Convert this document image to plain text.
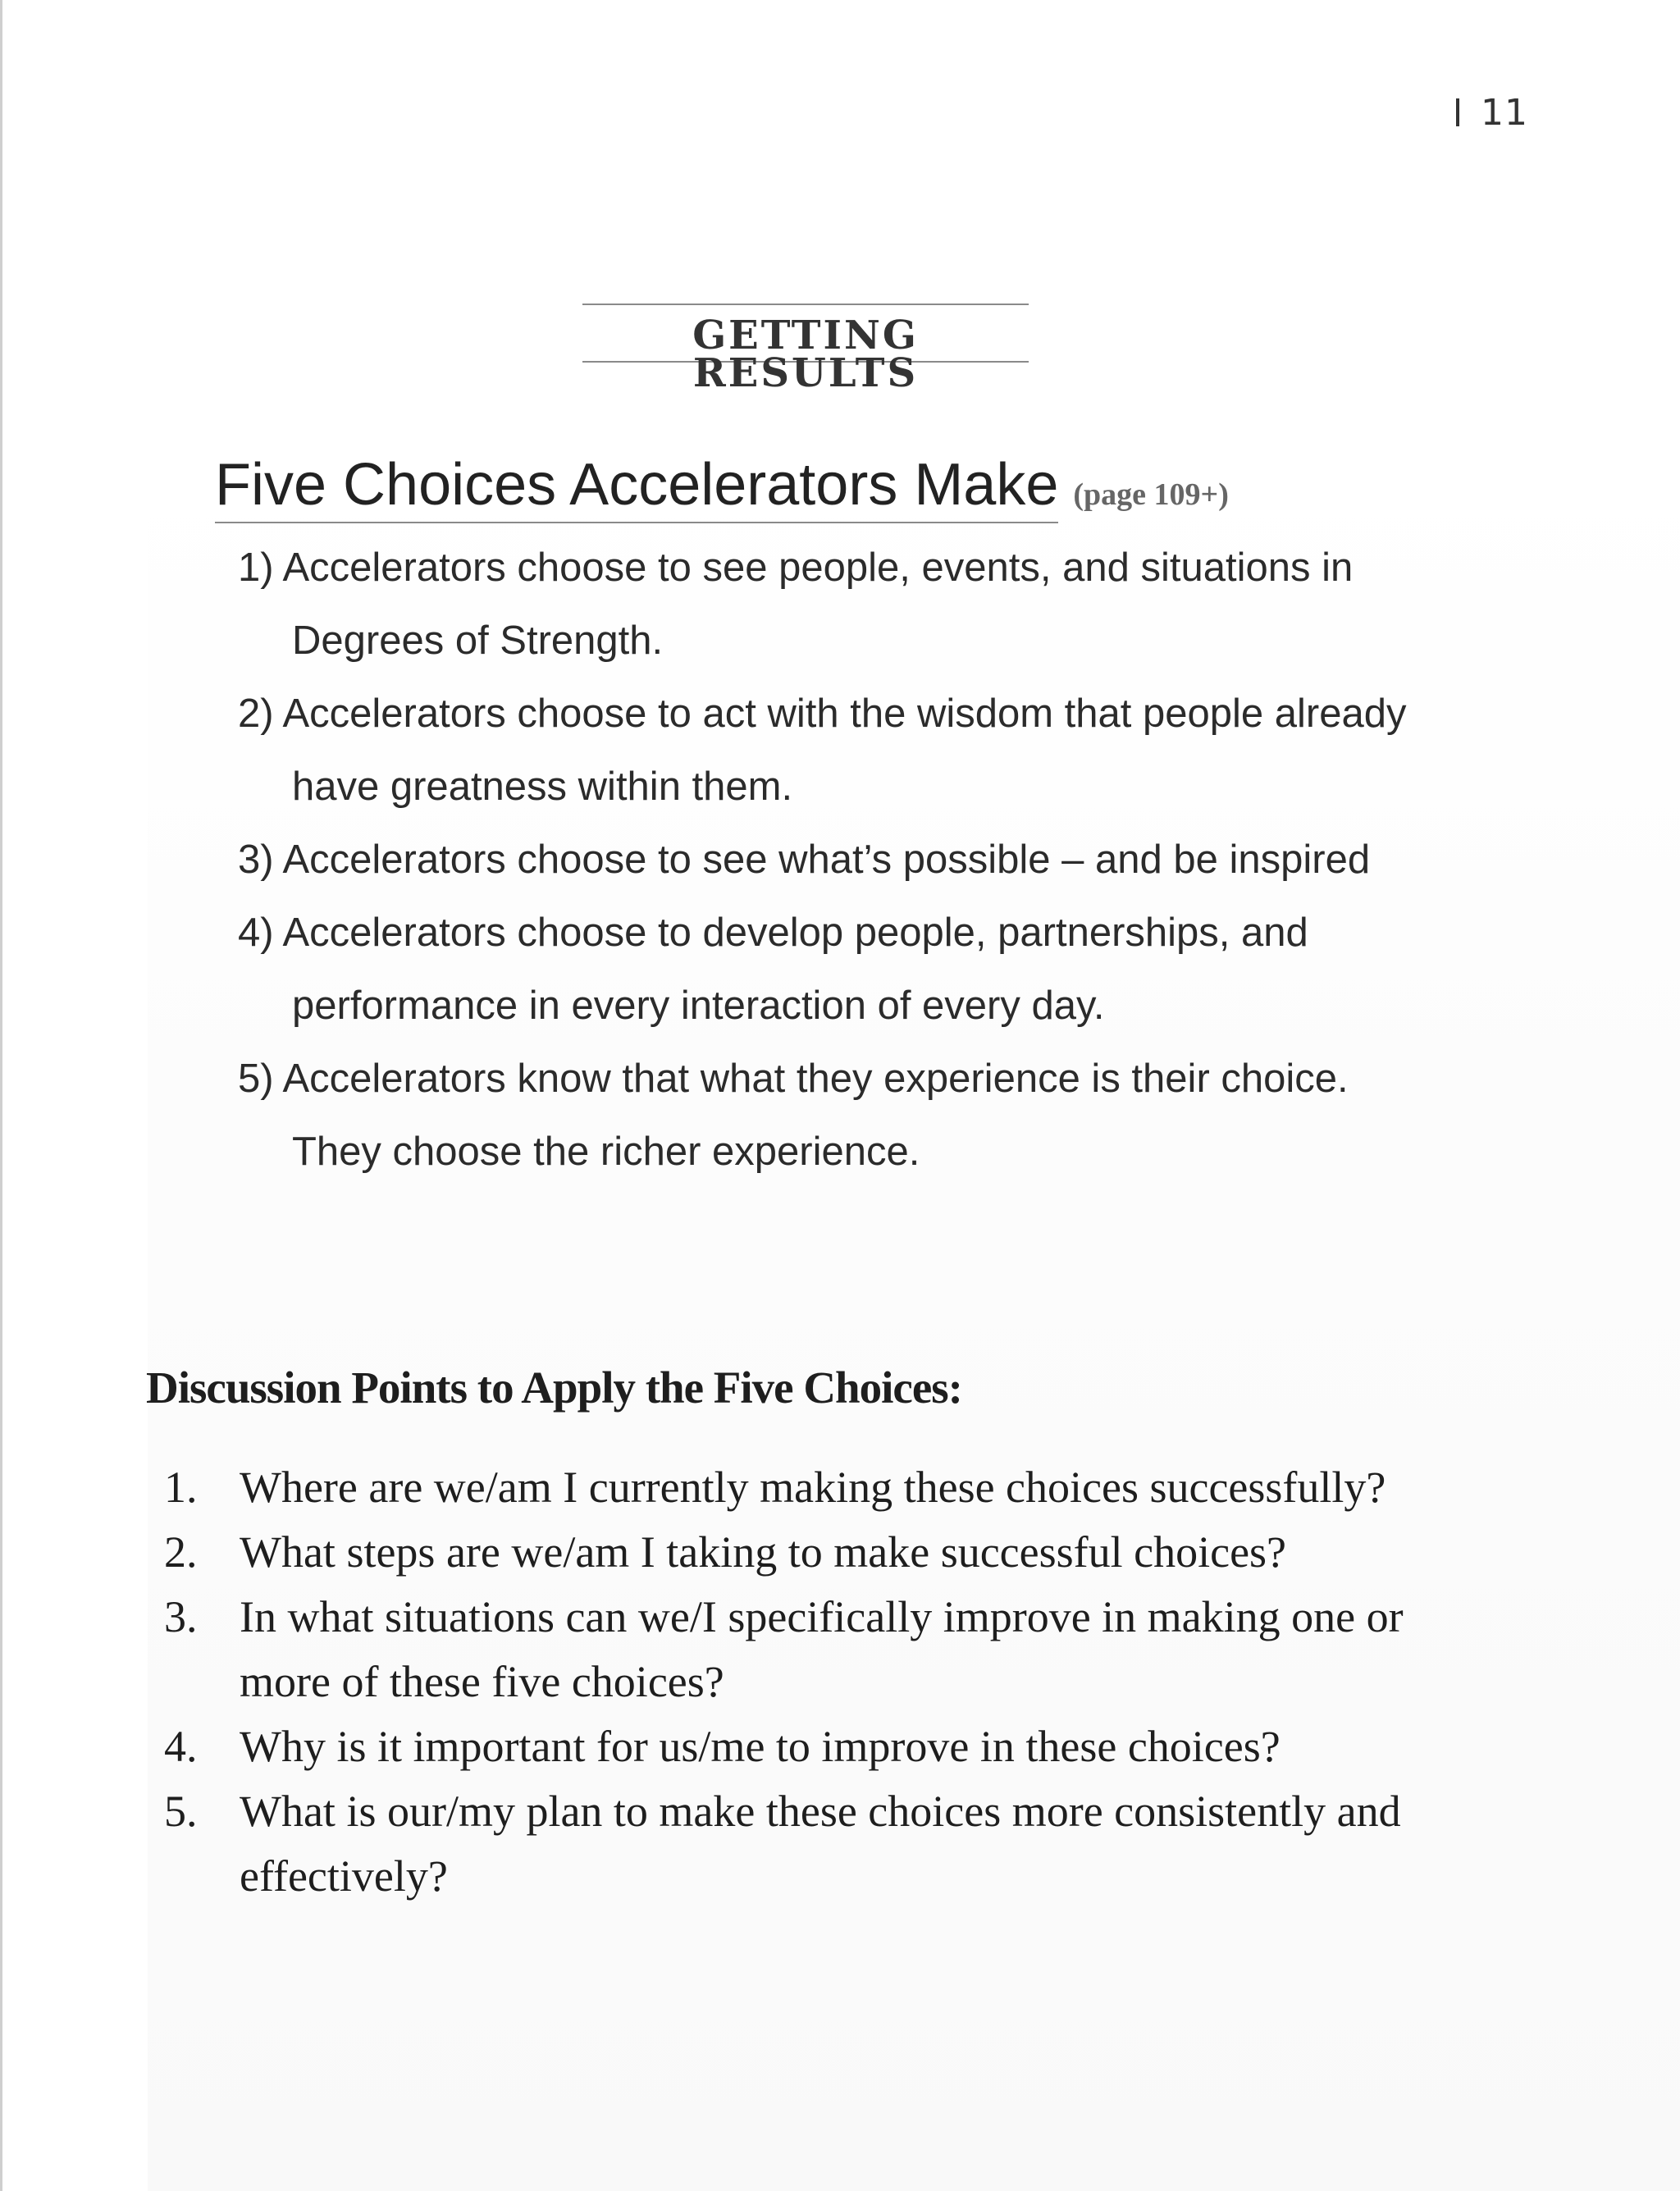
11
GETTING RESULTS
Five Choices Accelerators Make (page 109+)
1) Accelerators choose to see people, events, and situations in Degrees of Strength.
2) Accelerators choose to act with the wisdom that people already have greatness within them.
3) Accelerators choose to see what’s possible – and be inspired
4) Accelerators choose to develop people, partnerships, and performance in every interaction of every day.
5) Accelerators know that what they experience is their choice. They choose the richer experience.
Discussion Points to Apply the Five Choices:
1. Where are we/am I currently making these choices successfully?
2. What steps are we/am I taking to make successful choices?
3. In what situations can we/I specifically improve in making one or more of these five choices?
4. Why is it important for us/me to improve in these choices?
5. What is our/my plan to make these choices more consistently and effectively?
